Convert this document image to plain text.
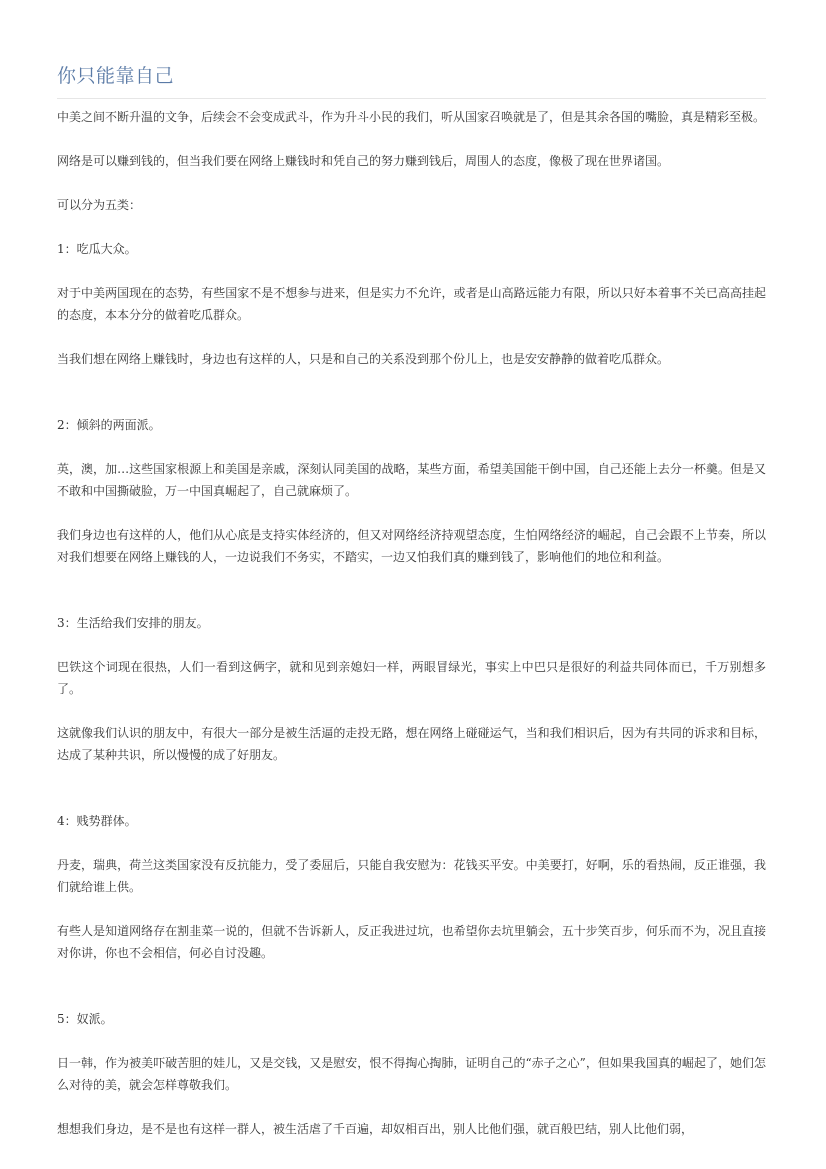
你只能靠自己

中美之间不断升温的文争，后续会不会变成武斗，作为升斗小民的我们，听从国家召唤就是了，但是其余各国的嘴脸，真是精彩至极。

网络是可以赚到钱的，但当我们要在网络上赚钱时和凭自己的努力赚到钱后，周围人的态度，像极了现在世界诸国。

可以分为五类：

1：吃瓜大众。

对于中美两国现在的态势，有些国家不是不想参与进来，但是实力不允许，或者是山高路远能力有限，所以只好本着事不关已高高挂起的态度，本本分分的做着吃瓜群众。

当我们想在网络上赚钱时，身边也有这样的人，只是和自己的关系没到那个份儿上，也是安安静静的做着吃瓜群众。

2：倾斜的两面派。

英，澳，加…这些国家根源上和美国是亲戚，深刻认同美国的战略，某些方面，希望美国能干倒中国，自己还能上去分一杯羹。但是又不敢和中国撕破脸，万一中国真崛起了，自己就麻烦了。

我们身边也有这样的人，他们从心底是支持实体经济的，但又对网络经济持观望态度，生怕网络经济的崛起，自己会跟不上节奏，所以对我们想要在网络上赚钱的人，一边说我们不务实，不踏实，一边又怕我们真的赚到钱了，影响他们的地位和利益。

3：生活给我们安排的朋友。

巴铁这个词现在很热，人们一看到这俩字，就和见到亲媳妇一样，两眼冒绿光，事实上中巴只是很好的利益共同体而已，千万别想多了。

这就像我们认识的朋友中，有很大一部分是被生活逼的走投无路，想在网络上碰碰运气，当和我们相识后，因为有共同的诉求和目标，达成了某种共识，所以慢慢的成了好朋友。

4：贱势群体。

丹麦，瑞典，荷兰这类国家没有反抗能力，受了委屈后，只能自我安慰为：花钱买平安。中美要打，好啊，乐的看热闹，反正谁强，我们就给谁上供。

有些人是知道网络存在割韭菜一说的，但就不告诉新人，反正我进过坑，也希望你去坑里躺会，五十步笑百步，何乐而不为，况且直接对你讲，你也不会相信，何必自讨没趣。

5：奴派。

日一韩，作为被美吓破苦胆的娃儿，又是交钱，又是慰安，恨不得掏心掏肺，证明自己的“赤子之心”，但如果我国真的崛起了，她们怎么对待的美，就会怎样尊敬我们。

想想我们身边，是不是也有这样一群人，被生活虐了千百遍，却奴相百出，别人比他们强，就百般巴结，别人比他们弱，
